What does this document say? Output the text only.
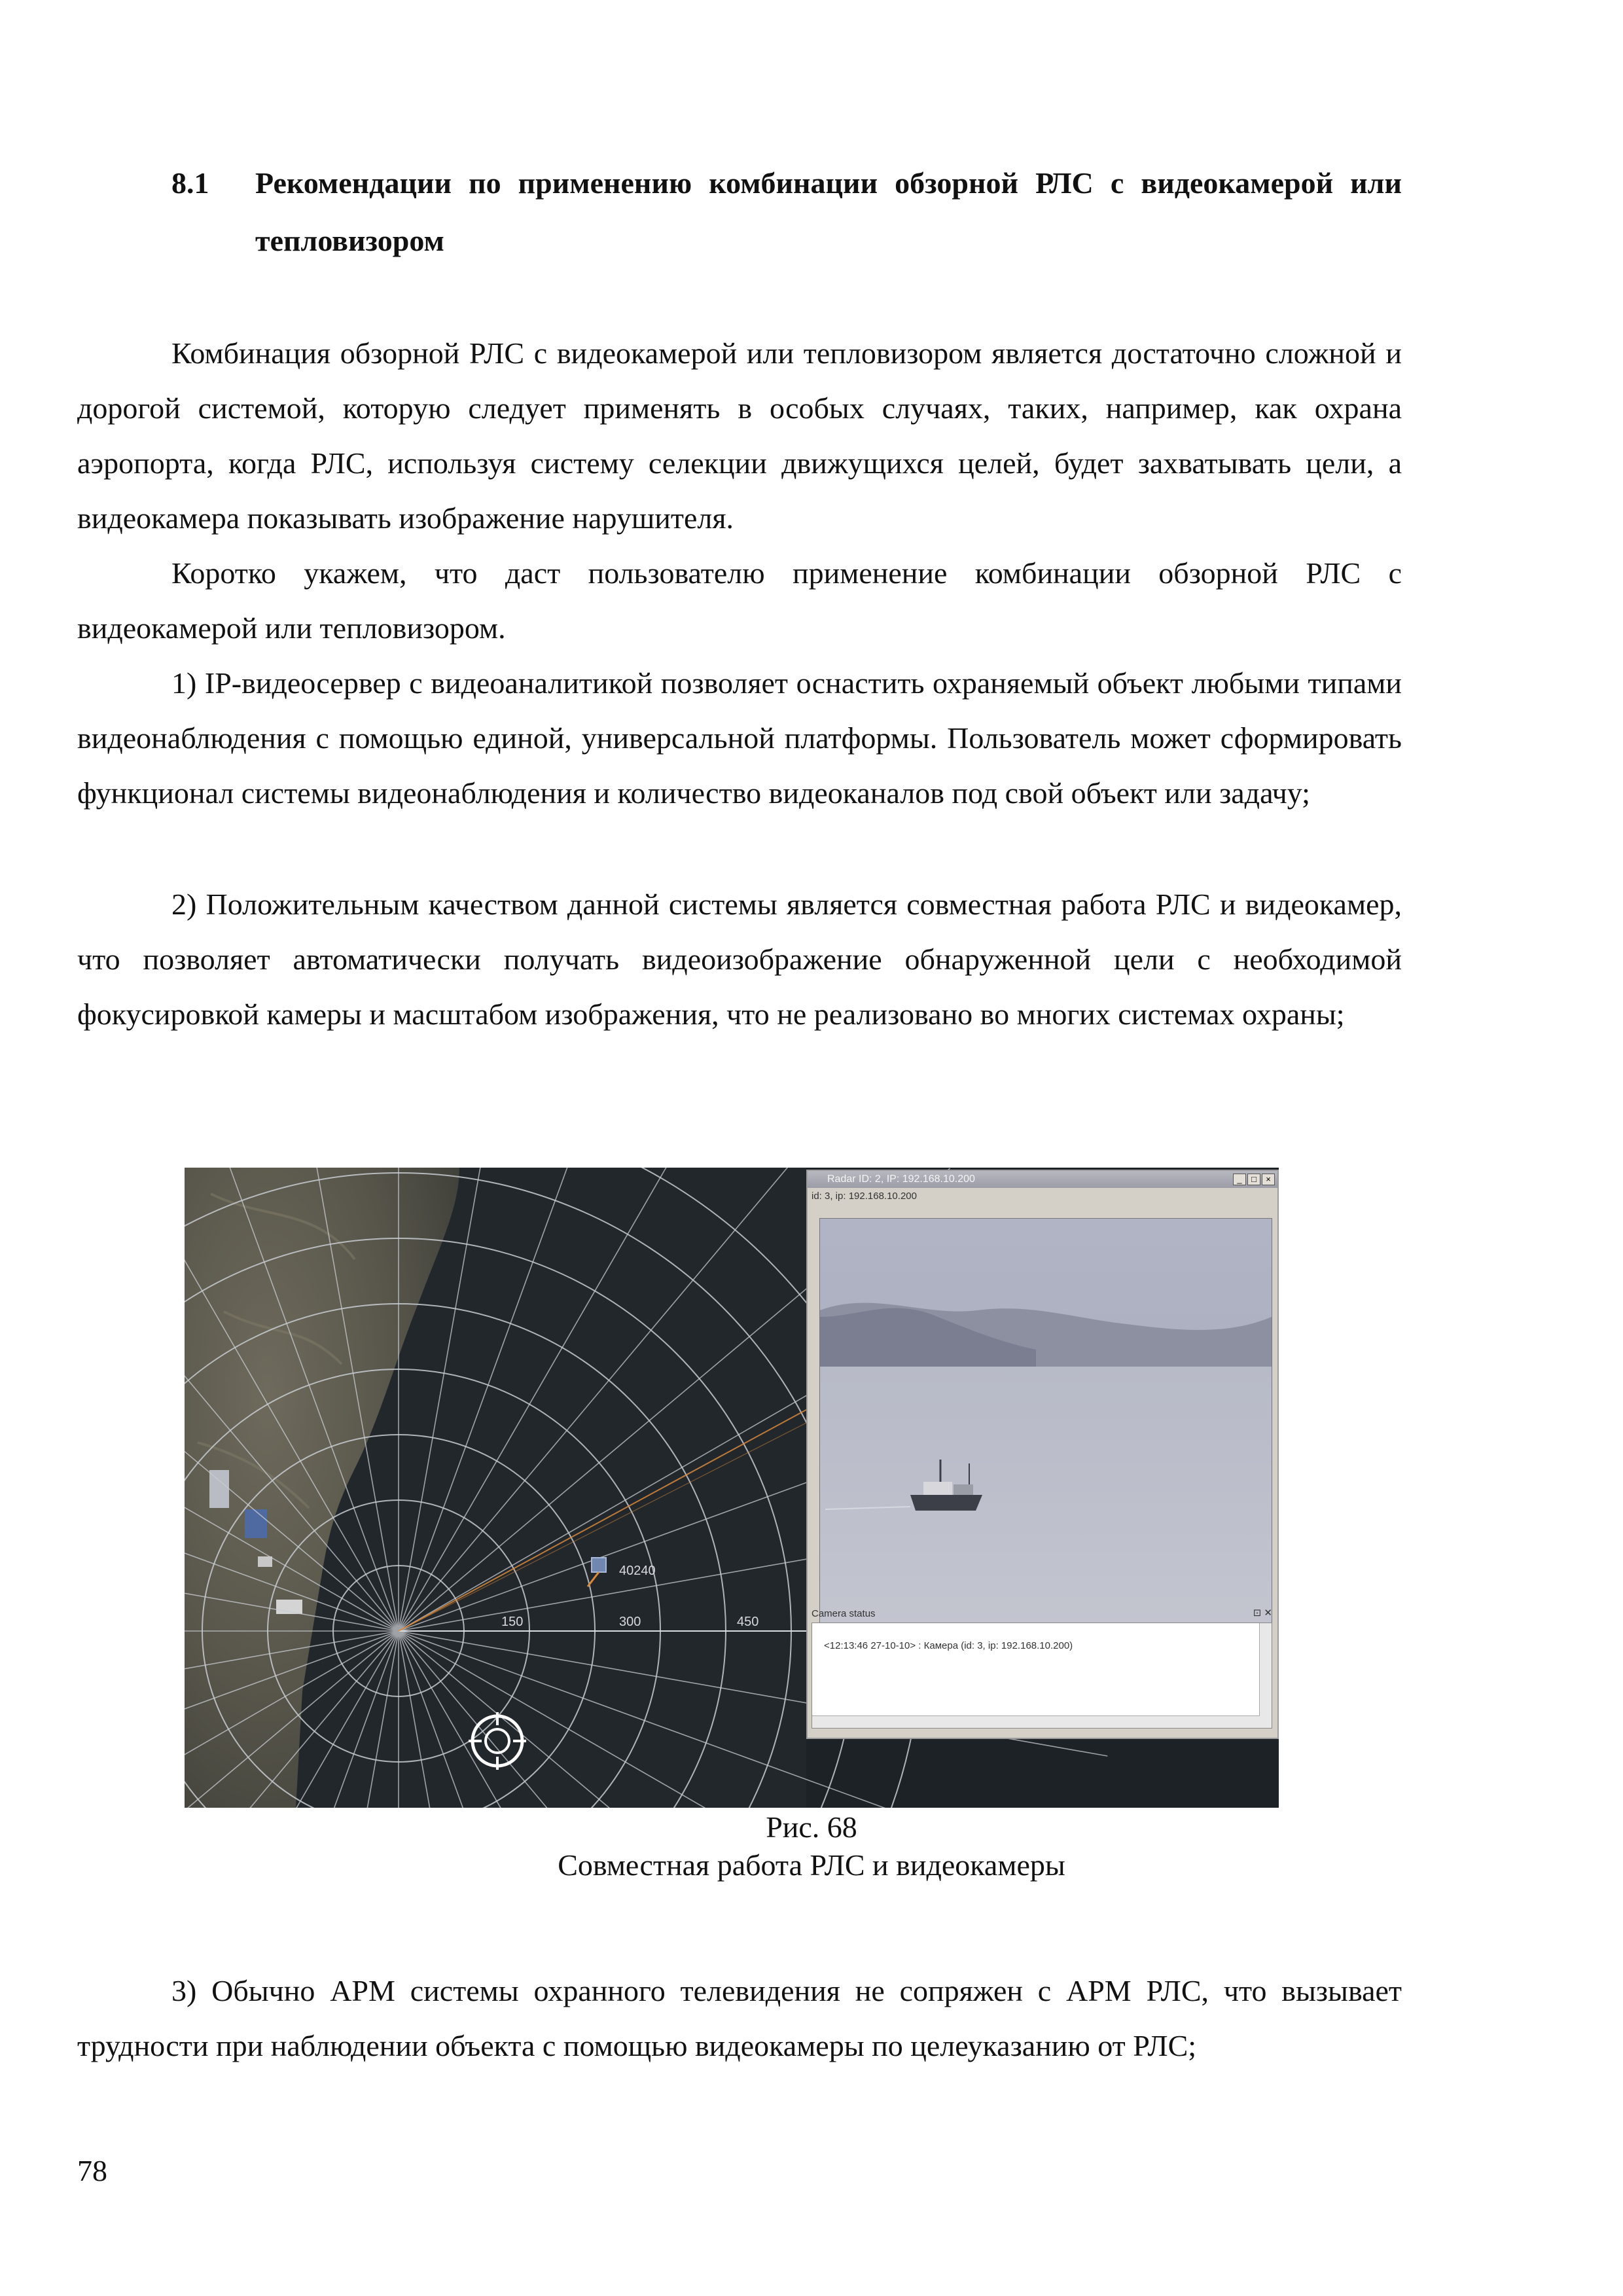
8.1 Рекомендации по применению комбинации обзорной РЛС с видеокамерой или тепловизором

Комбинация обзорной РЛС с видеокамерой или тепловизором является достаточно сложной и дорогой системой, которую следует применять в особых случаях, таких, например, как охрана аэропорта, когда РЛС, используя систему селекции движущихся целей, будет захватывать цели, а видеокамера показывать изображение нарушителя.

Коротко укажем, что даст пользователю применение комбинации обзорной РЛС с видеокамерой или тепловизором.

1) IP-видеосервер с видеоаналитикой позволяет оснастить охраняемый объект любыми типами видеонаблюдения с помощью единой, универсальной платформы. Пользователь может сформировать функционал системы видеонаблюдения и количество видеоканалов под свой объект или задачу;

2) Положительным качеством данной системы является совместная работа РЛС и видеокамер, что позволяет автоматически получать видеоизображение обнаруженной цели с необходимой фокусировкой камеры и масштабом изображения, что не реализовано во многих системах охраны;

40240
150	300	450
Radar ID: 2, IP: 192.168.10.200	_	□	×
id: 3, ip: 192.168.10.200
Camera status	⊡ ✕
<12:13:46 27-10-10> : Камера (id: 3, ip: 192.168.10.200)
Рис. 68
Совместная работа РЛС и видеокамеры

3) Обычно АРМ системы охранного телевидения не сопряжен с АРМ РЛС, что вызывает трудности при наблюдении объекта с помощью видеокамеры по целеуказанию от РЛС;

78
